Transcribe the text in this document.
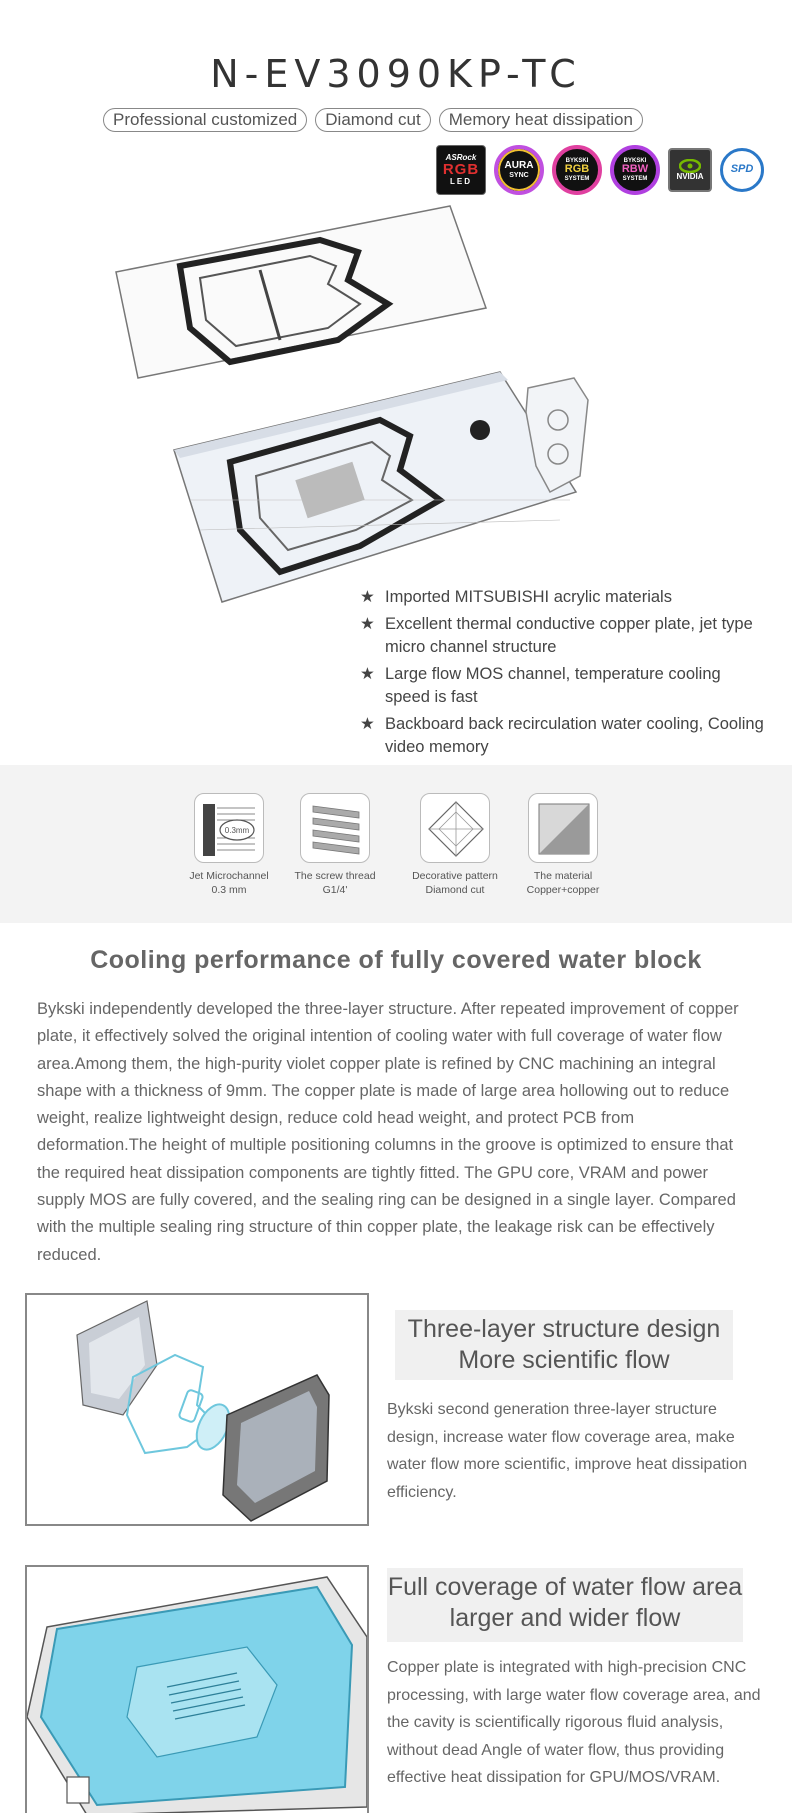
N-EV3090KP-TC
Professional customized	Diamond cut	Memory heat dissipation
ASRock
RGB
LED
AURA
SYNC
BYKSKI
RGB
SYSTEM
BYKSKI
RBW
SYSTEM	NVIDIA
SPD
★ Imported MITSUBISHI acrylic materials
★ Excellent thermal conductive copper plate, jet type micro channel structure
★ Large flow MOS channel, temperature cooling speed is fast
★ Backboard back recirculation water cooling, Cooling video memory
0.3mm
Jet Microchannel
0.3 mm
The screw thread
G1/4'
Decorative pattern
Diamond cut
The material
Copper+copper
Cooling performance of fully covered water block

Bykski independently developed the three-layer structure. After repeated improvement of copper plate, it effectively solved the original intention of cooling water with full coverage of water flow area.Among them, the high-purity violet copper plate is refined by CNC machining an integral shape with a thickness of 9mm. The copper plate is made of large area hollowing out to reduce weight, realize lightweight design, reduce cold head weight, and protect PCB from deformation.The height of multiple positioning columns in the groove is optimized to ensure that the required heat dissipation components are tightly fitted. The GPU core, VRAM and power supply MOS are fully covered, and the sealing ring can be designed in a single layer. Compared with the multiple sealing ring structure of thin copper plate, the leakage risk can be effectively reduced.

Three-layer structure design
More scientific flow

Bykski second generation three-layer structure design, increase water flow coverage area, make water flow more scientific, improve heat dissipation efficiency.

Full coverage of water flow area
larger and wider flow

Copper plate is integrated with high-precision CNC processing, with large water flow coverage area, and the cavity is scientifically rigorous fluid analysis, without dead Angle of water flow, thus providing effective heat dissipation for GPU/MOS/VRAM.
